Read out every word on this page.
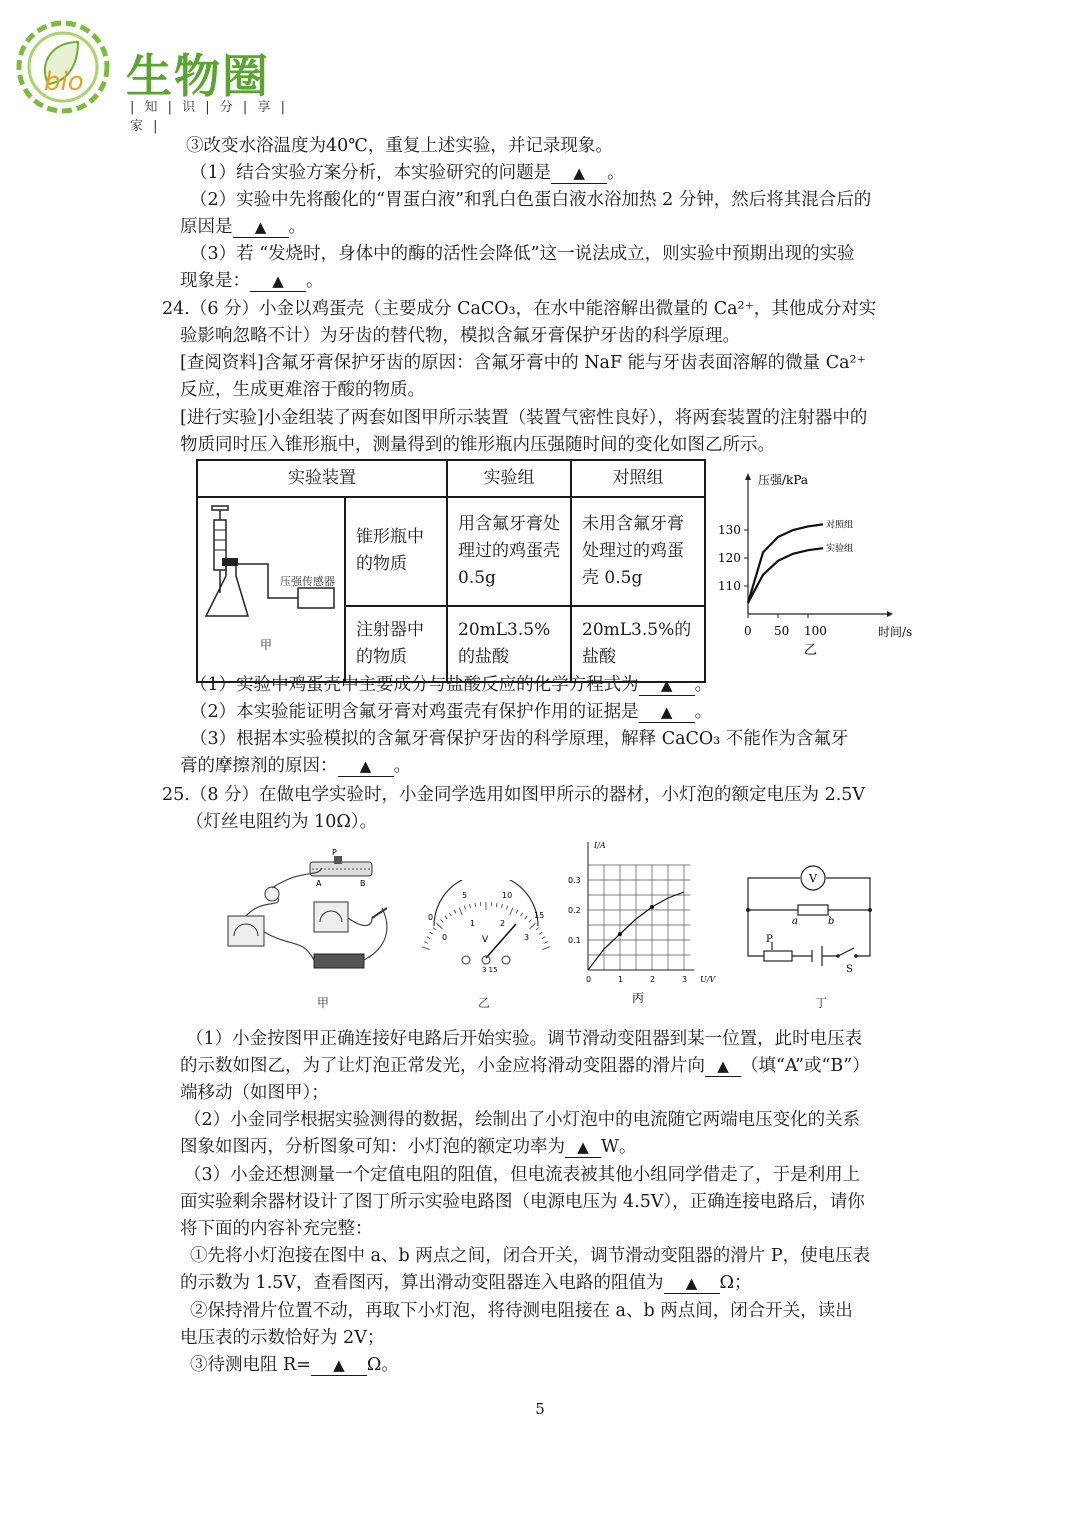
bio 生物圈
| 知 | 识 | 分 | 享 | 家 |
③改变水浴温度为40℃，重复上述实验，并记录现象。
（1）结合实验方案分析，本实验研究的问题是 ▲ 。
（2）实验中先将酸化的“胃蛋白液”和乳白色蛋白液水浴加热 2 分钟，然后将其混合后的
原因是 ▲ 。
（3）若 “发烧时，身体中的酶的活性会降低”这一说法成立，则实验中预期出现的实验
现象是： ▲ 。
24.（6 分）小金以鸡蛋壳（主要成分 CaCO₃，在水中能溶解出微量的 Ca²⁺，其他成分对实
验影响忽略不计）为牙齿的替代物，模拟含氟牙膏保护牙齿的科学原理。
[查阅资料]含氟牙膏保护牙齿的原因：含氟牙膏中的 NaF 能与牙齿表面溶解的微量 Ca²⁺
反应，生成更难溶于酸的物质。
[进行实验]小金组装了两套如图甲所示装置（装置气密性良好），将两套装置的注射器中的
物质同时压入锥形瓶中，测量得到的锥形瓶内压强随时间的变化如图乙所示。
实验装置		实验组	对照组

压强传感器
甲	锥形瓶中的物质	用含氟牙膏处理过的鸡蛋壳 0.5g	未用含氟牙膏处理过的鸡蛋壳 0.5g
	注射器中的物质	20mL3.5%的盐酸	20mL3.5%的盐酸
压强/kPa
时间/s
乙
0 50 100
110
120
130	对照组
实验组
（1）实验中鸡蛋壳中主要成分与盐酸反应的化学方程式为 ▲ 。
（2）本实验能证明含氟牙膏对鸡蛋壳有保护作用的证据是 ▲ 。
（3）根据本实验模拟的含氟牙膏保护牙齿的科学原理，解释 CaCO₃ 不能作为含氟牙
膏的摩擦剂的原因： ▲ 。
25.（8 分）在做电学实验时，小金同学选用如图甲所示的器材，小灯泡的额定电压为 2.5V
（灯丝电阻约为 10Ω）。
P
A	B
甲
0
5	10
15
0
1	2
3
V
3 15
乙
I/A
U/V
丙
0	1	2	3
0.1
0.2
0.3	V
a	b
P
S
丁
（1）小金按图甲正确连接好电路后开始实验。调节滑动变阻器到某一位置，此时电压表
的示数如图乙，为了让灯泡正常发光，小金应将滑动变阻器的滑片向 ▲ （填“A”或“B”）
端移动（如图甲）；
（2）小金同学根据实验测得的数据，绘制出了小灯泡中的电流随它两端电压变化的关系
图象如图丙，分析图象可知：小灯泡的额定功率为 ▲ W。
（3）小金还想测量一个定值电阻的阻值，但电流表被其他小组同学借走了，于是利用上
面实验剩余器材设计了图丁所示实验电路图（电源电压为 4.5V），正确连接电路后，请你
将下面的内容补充完整：
①先将小灯泡接在图中 a、b 两点之间，闭合开关，调节滑动变阻器的滑片 P，使电压表
的示数为 1.5V，查看图丙，算出滑动变阻器连入电路的阻值为 ▲ Ω；
②保持滑片位置不动，再取下小灯泡，将待测电阻接在 a、b 两点间，闭合开关，读出
电压表的示数恰好为 2V；
③待测电阻 R= ▲ Ω。
5
